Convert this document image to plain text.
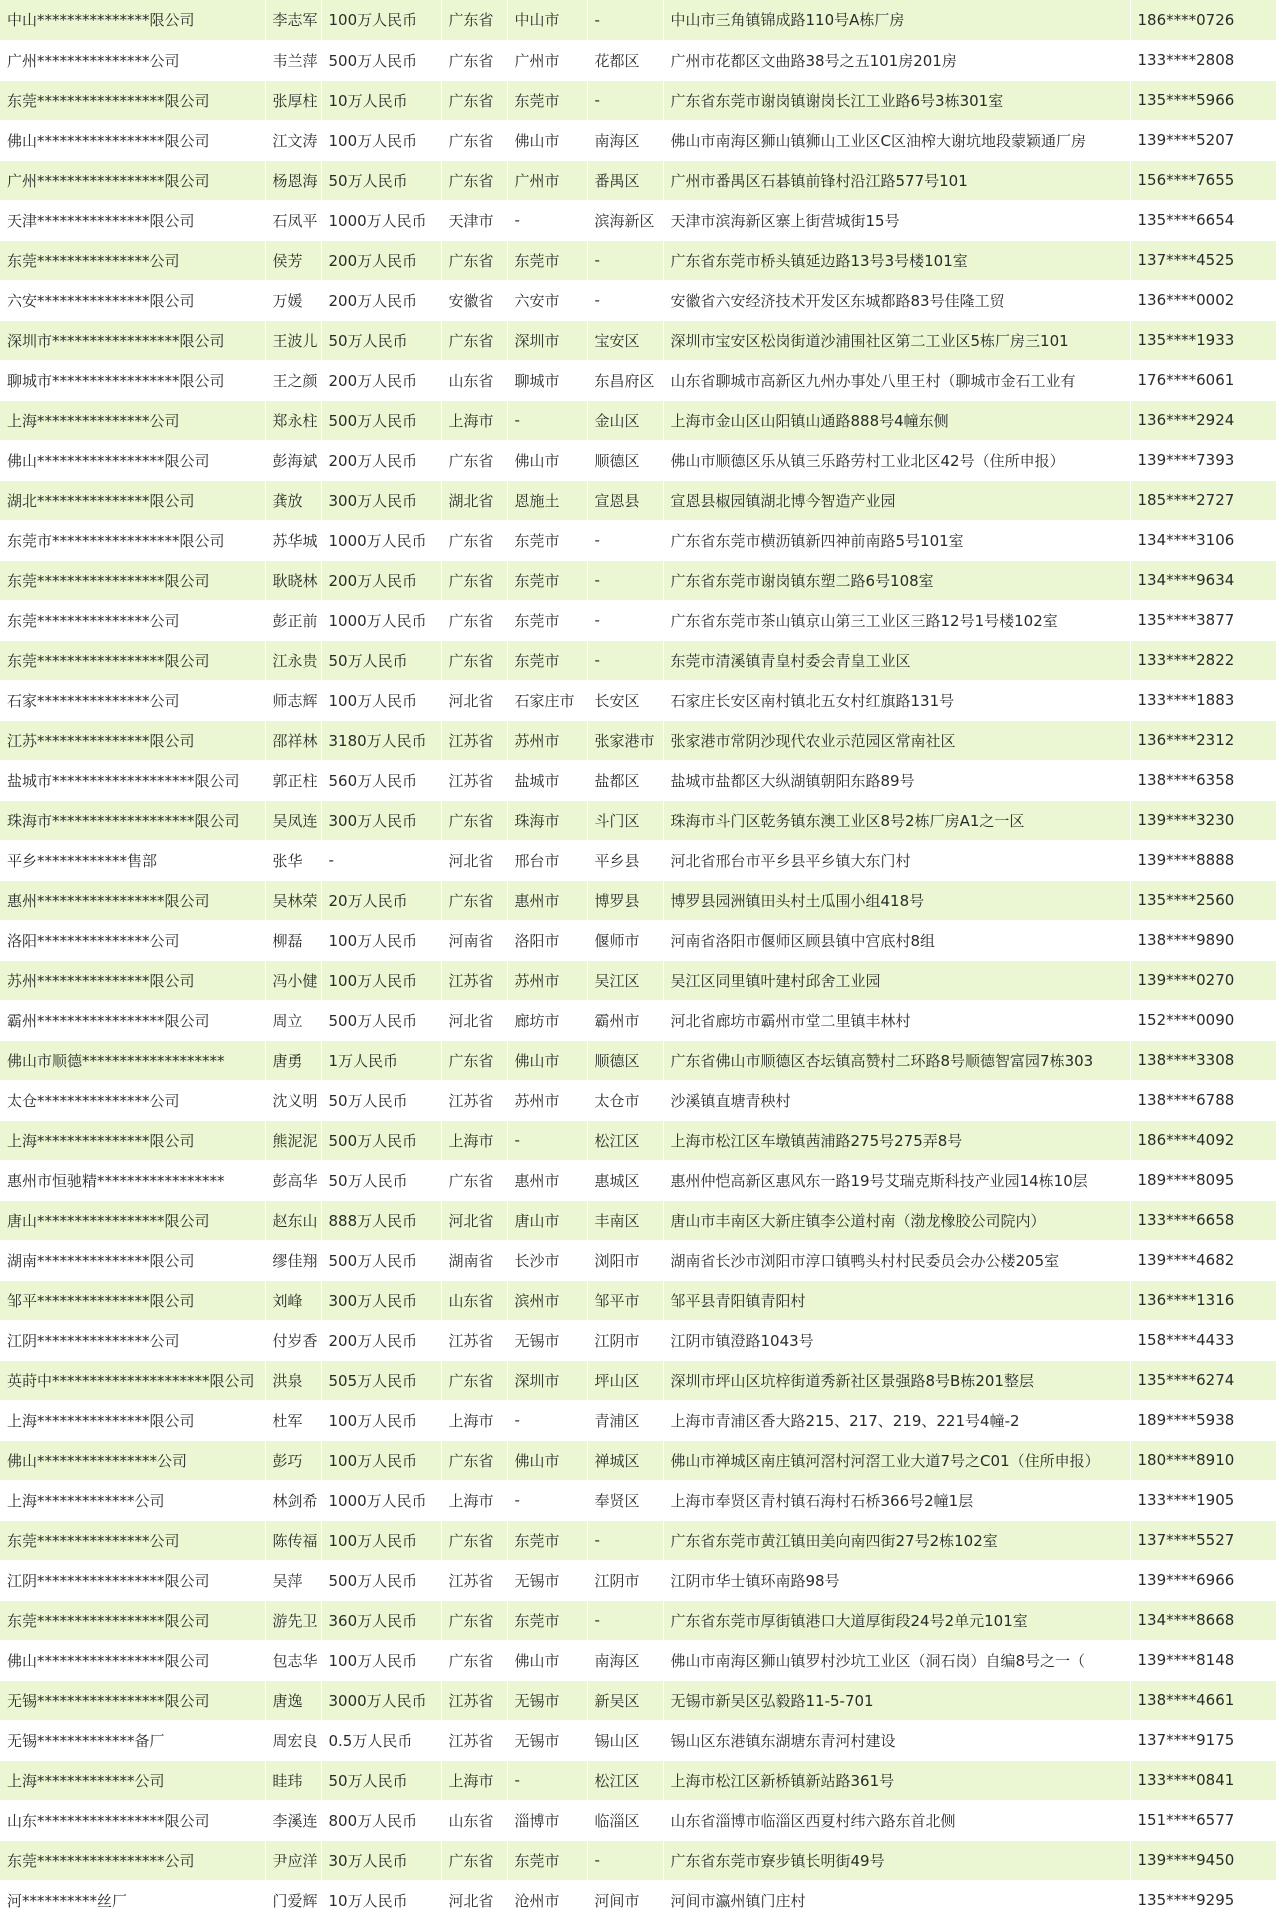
中山***************限公司	李志军	100万人民币	广东省	中山市	-	中山市三角镇锦成路110号A栋厂房	186****0726
广州***************公司	韦兰萍	500万人民币	广东省	广州市	花都区	广州市花都区文曲路38号之五101房201房	133****2808
东莞*****************限公司	张厚柱	10万人民币	广东省	东莞市	-	广东省东莞市谢岗镇谢岗长江工业路6号3栋301室	135****5966
佛山*****************限公司	江文涛	100万人民币	广东省	佛山市	南海区	佛山市南海区狮山镇狮山工业区C区油榨大谢坑地段蒙颖通厂房	139****5207
广州*****************限公司	杨恩海	50万人民币	广东省	广州市	番禺区	广州市番禺区石碁镇前锋村沿江路577号101	156****7655
天津***************限公司	石凤平	1000万人民币	天津市	-	滨海新区	天津市滨海新区寨上街营城街15号	135****6654
东莞***************公司	侯芳	200万人民币	广东省	东莞市	-	广东省东莞市桥头镇延边路13号3号楼101室	137****4525
六安***************限公司	万媛	200万人民币	安徽省	六安市	-	安徽省六安经济技术开发区东城都路83号佳隆工贸	136****0002
深圳市*****************限公司	王波儿	50万人民币	广东省	深圳市	宝安区	深圳市宝安区松岗街道沙浦围社区第二工业区5栋厂房三101	135****1933
聊城市*****************限公司	王之颜	200万人民币	山东省	聊城市	东昌府区	山东省聊城市高新区九州办事处八里王村（聊城市金石工业有	176****6061
上海***************公司	郑永柱	500万人民币	上海市	-	金山区	上海市金山区山阳镇山通路888号4幢东侧	136****2924
佛山*****************限公司	彭海斌	200万人民币	广东省	佛山市	顺德区	佛山市顺德区乐从镇三乐路劳村工业北区42号（住所申报）	139****7393
湖北***************限公司	龚放	300万人民币	湖北省	恩施土	宣恩县	宣恩县椒园镇湖北博今智造产业园	185****2727
东莞市*****************限公司	苏华城	1000万人民币	广东省	东莞市	-	广东省东莞市横沥镇新四神前南路5号101室	134****3106
东莞*****************限公司	耿晓林	200万人民币	广东省	东莞市	-	广东省东莞市谢岗镇东塑二路6号108室	134****9634
东莞***************公司	彭正前	1000万人民币	广东省	东莞市	-	广东省东莞市茶山镇京山第三工业区三路12号1号楼102室	135****3877
东莞*****************限公司	江永贵	50万人民币	广东省	东莞市	-	东莞市清溪镇青皇村委会青皇工业区	133****2822
石家***************公司	师志辉	100万人民币	河北省	石家庄市	长安区	石家庄长安区南村镇北五女村红旗路131号	133****1883
江苏***************限公司	邵祥林	3180万人民币	江苏省	苏州市	张家港市	张家港市常阴沙现代农业示范园区常南社区	136****2312
盐城市*******************限公司	郭正柱	560万人民币	江苏省	盐城市	盐都区	盐城市盐都区大纵湖镇朝阳东路89号	138****6358
珠海市*******************限公司	吴凤连	300万人民币	广东省	珠海市	斗门区	珠海市斗门区乾务镇东澳工业区8号2栋厂房A1之一区	139****3230
平乡************售部	张华	-	河北省	邢台市	平乡县	河北省邢台市平乡县平乡镇大东门村	139****8888
惠州*****************限公司	吴林荣	20万人民币	广东省	惠州市	博罗县	博罗县园洲镇田头村土瓜围小组418号	135****2560
洛阳***************公司	柳磊	100万人民币	河南省	洛阳市	偃师市	河南省洛阳市偃师区顾县镇中宫底村8组	138****9890
苏州***************限公司	冯小健	100万人民币	江苏省	苏州市	吴江区	吴江区同里镇叶建村邱舍工业园	139****0270
霸州*****************限公司	周立	500万人民币	河北省	廊坊市	霸州市	河北省廊坊市霸州市堂二里镇丰林村	152****0090
佛山市顺德*******************	唐勇	1万人民币	广东省	佛山市	顺德区	广东省佛山市顺德区杏坛镇高赞村二环路8号顺德智富园7栋303	138****3308
太仓***************公司	沈义明	50万人民币	江苏省	苏州市	太仓市	沙溪镇直塘青秧村	138****6788
上海***************限公司	熊泥泥	500万人民币	上海市	-	松江区	上海市松江区车墩镇茜浦路275号275弄8号	186****4092
惠州市恒驰精*****************	彭高华	50万人民币	广东省	惠州市	惠城区	惠州仲恺高新区惠风东一路19号艾瑞克斯科技产业园14栋10层	189****8095
唐山*****************限公司	赵东山	888万人民币	河北省	唐山市	丰南区	唐山市丰南区大新庄镇李公道村南（渤龙橡胶公司院内）	133****6658
湖南***************限公司	缪佳翔	500万人民币	湖南省	长沙市	浏阳市	湖南省长沙市浏阳市淳口镇鸭头村村民委员会办公楼205室	139****4682
邹平***************限公司	刘峰	300万人民币	山东省	滨州市	邹平市	邹平县青阳镇青阳村	136****1316
江阴***************公司	付岁香	200万人民币	江苏省	无锡市	江阴市	江阴市镇澄路1043号	158****4433
英莳中*********************限公司	洪泉	505万人民币	广东省	深圳市	坪山区	深圳市坪山区坑梓街道秀新社区景强路8号B栋201整层	135****6274
上海***************限公司	杜军	100万人民币	上海市	-	青浦区	上海市青浦区香大路215、217、219、221号4幢-2	189****5938
佛山****************公司	彭巧	100万人民币	广东省	佛山市	禅城区	佛山市禅城区南庄镇河滘村河滘工业大道7号之C01（住所申报）	180****8910
上海*************公司	林剑希	1000万人民币	上海市	-	奉贤区	上海市奉贤区青村镇石海村石桥366号2幢1层	133****1905
东莞***************公司	陈传福	100万人民币	广东省	东莞市	-	广东省东莞市黄江镇田美向南四街27号2栋102室	137****5527
江阴*****************限公司	吴萍	500万人民币	江苏省	无锡市	江阴市	江阴市华士镇环南路98号	139****6966
东莞*****************限公司	游先卫	360万人民币	广东省	东莞市	-	广东省东莞市厚街镇港口大道厚街段24号2单元101室	134****8668
佛山*****************限公司	包志华	100万人民币	广东省	佛山市	南海区	佛山市南海区狮山镇罗村沙坑工业区（洞石岗）自编8号之一（	139****8148
无锡*****************限公司	唐逸	3000万人民币	江苏省	无锡市	新吴区	无锡市新吴区弘毅路11-5-701	138****4661
无锡*************备厂	周宏良	0.5万人民币	江苏省	无锡市	锡山区	锡山区东港镇东湖塘东青河村建设	137****9175
上海*************公司	眭玮	50万人民币	上海市	-	松江区	上海市松江区新桥镇新站路361号	133****0841
山东*****************限公司	李溪连	800万人民币	山东省	淄博市	临淄区	山东省淄博市临淄区西夏村纬六路东首北侧	151****6577
东莞*****************公司	尹应洋	30万人民币	广东省	东莞市	-	广东省东莞市寮步镇长明街49号	139****9450
河**********丝厂	门爱辉	10万人民币	河北省	沧州市	河间市	河间市瀛州镇门庄村	135****9295
